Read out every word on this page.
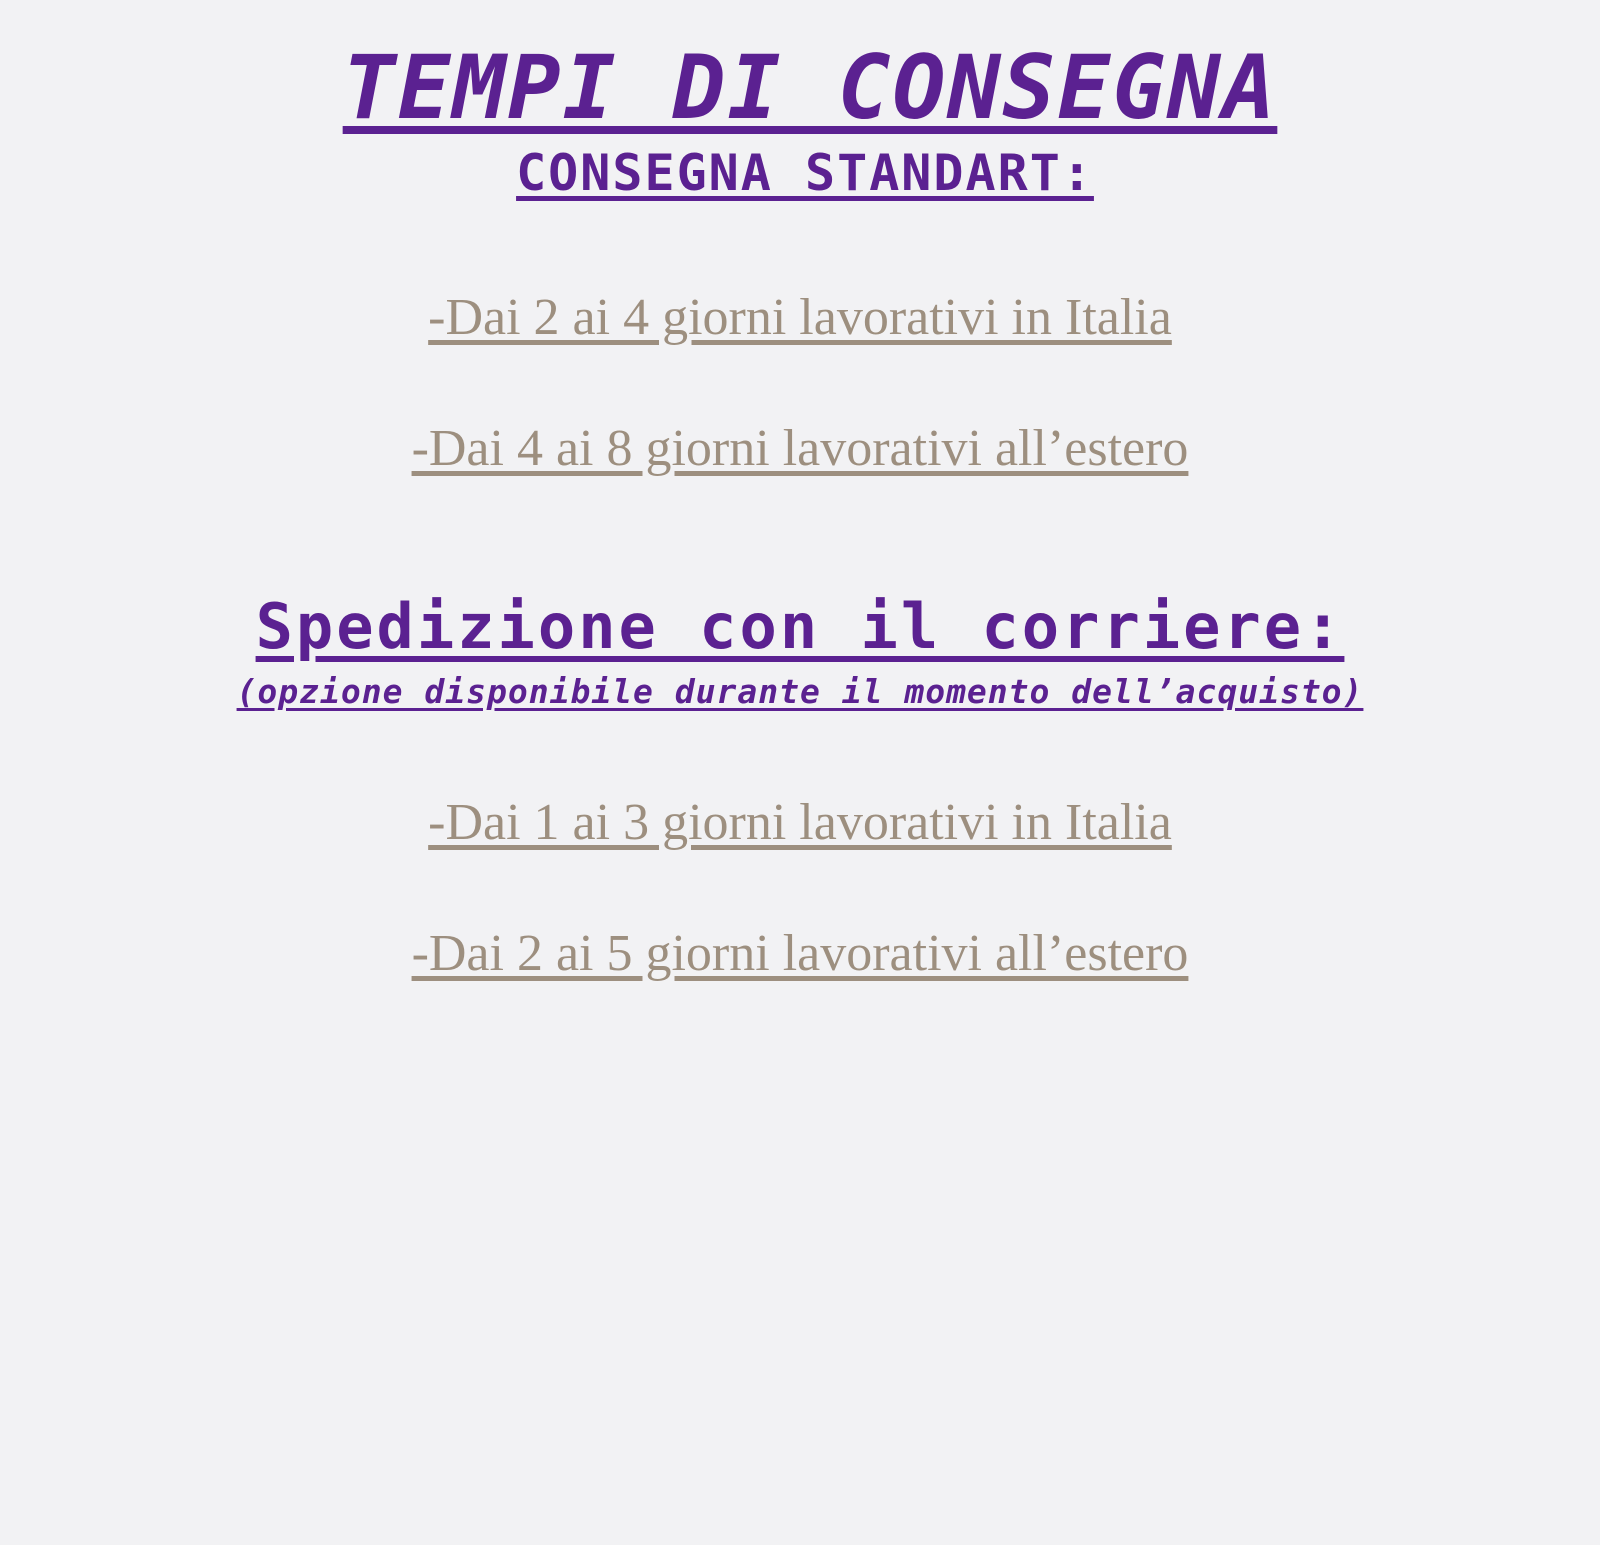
TEMPI DI CONSEGNA
CONSEGNA STANDART:
-Dai 2 ai 4 giorni lavorativi in Italia
-Dai 4 ai 8 giorni lavorativi all’estero
Spedizione con il corriere:
(opzione disponibile durante il momento dell’acquisto)
-Dai 1 ai 3 giorni lavorativi in Italia
-Dai 2 ai 5 giorni lavorativi all’estero
